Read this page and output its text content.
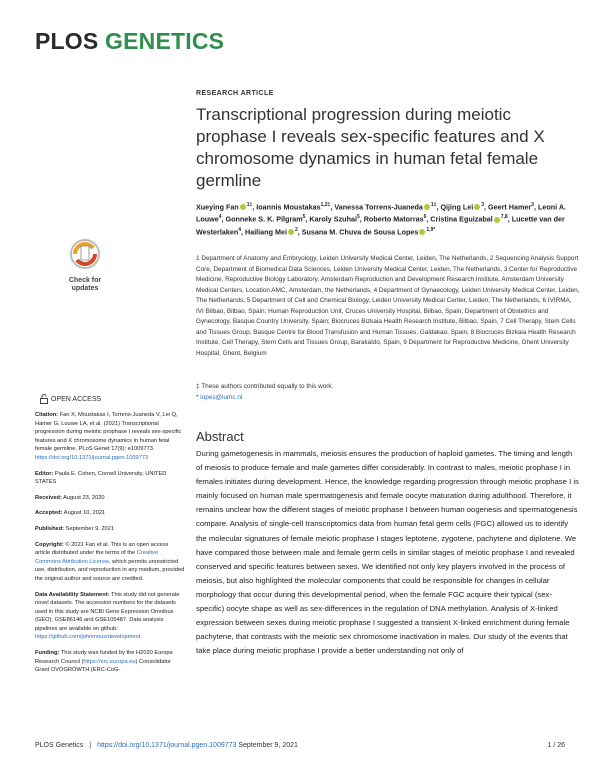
PLOS GENETICS
RESEARCH ARTICLE
Transcriptional progression during meiotic prophase I reveals sex-specific features and X chromosome dynamics in human fetal female germline

Xueying Fan $^{1\ddagger}$, Ioannis Moustakas$^{1,2\ddagger}$, Vanessa Torrens-Juaneda $^{1\ddagger}$, Qijing Lei $^3$, Geert Hamer$^3$, Leoni A. Louwe$^4$, Gonneke S. K. Pilgram$^5$, Karoly Szuhai$^5$, Roberto Matorras$^6$, Cristina Eguizabal $^{7,8}$, Lucette van der Westerlaken$^4$, Hailiang Mei $^2$, Susana M. Chuva de Sousa Lopes $^{1,9*}$

1 Department of Anatomy and Embryology, Leiden University Medical Center, Leiden, The Netherlands, 2 Sequencing Analysis Support Core, Department of Biomedical Data Sciences, Leiden University Medical Center, Leiden, The Netherlands, 3 Center for Reproductive Medicine, Reproductive Biology Laboratory, Amsterdam Reproduction and Development Research Institute, Amsterdam University Medical Centers, Location AMC, Amsterdam, the Netherlands, 4 Department of Gynaecology, Leiden University Medical Center, Leiden, The Netherlands, 5 Department of Cell and Chemical Biology, Leiden University Medical Center, Leiden, The Netherlands, 6 IVIRMA, IVI Bilbao, Bilbao, Spain; Human Reproduction Unit, Cruces University Hospital, Bilbao, Spain; Department of Obstetrics and Gynecology, Basque Country University, Spain; Biocruces Bizkaia Health Research Institute, Bilbao, Spain, 7 Cell Therapy, Stem Cells and Tissues Group, Basque Centre for Blood Transfusion and Human Tissues, Galdakao, Spain, 8 Biocruces Bizkaia Health Research Institute, Cell Therapy, Stem Cells and Tissues Group, Barakaldo, Spain, 9 Department for Reproductive Medicine, Ghent University Hospital, Ghent, Belgium

‡ These authors contributed equally to this work.
* lopes@lumc.nl
Abstract

During gametogenesis in mammals, meiosis ensures the production of haploid gametes. The timing and length of meiosis to produce female and male gametes differ considerably. In contrast to males, meiotic prophase I in females initiates during development. Hence, the knowledge regarding progression through meiotic prophase I is mainly focused on human male spermatogenesis and female oocyte maturation during adulthood. Therefore, it remains unclear how the different stages of meiotic prophase I between human oogenesis and spermatogenesis compare. Analysis of single-cell transcriptomics data from human fetal germ cells (FGC) allowed us to identify the molecular signatures of female meiotic prophase I stages leptotene, zygotene, pachytene and diplotene. We have compared those between male and female germ cells in similar stages of meiotic prophase I and revealed conserved and specific features between sexes. We identified not only key players involved in the process of meiosis, but also highlighted the molecular components that could be responsible for changes in cellular morphology that occur during this developmental period, when the female FGC acquire their typical (sex-specific) oocyte shape as well as sex-differences in the regulation of DNA methylation. Analysis of X-linked expression between sexes during meiotic prophase I suggested a transient X-linked enrichment during female pachytene, that contrasts with the meiotic sex chromosome inactivation in males. Our study of the events that take place during meiotic prophase I provide a better understanding not only of

Check for updates
OPEN ACCESS

Citation: Fan X, Moustakas I, Torrens-Juaneda V, Lei Q, Hamer G, Louwe LA, et al. (2021) Transcriptional progression during meiotic prophase I reveals sex-specific features and X chromosome dynamics in human fetal female germline. PLoS Genet 17(9): e1009773. https://doi.org/10.1371/journal.pgen.1009773

Editor: Paula E. Cohen, Cornell University, UNITED STATES

Received: August 23, 2020

Accepted: August 10, 2021

Published: September 9, 2021

Copyright: © 2021 Fan et al. This is an open access article distributed under the terms of the Creative Commons Attribution License, which permits unrestricted use, distribution, and reproduction in any medium, provided the original author and source are credited.

Data Availability Statement: This study did not generate novel datasets. The accession numbers for the datasets used in this study are NCBI Gene Expression Omnibus (GEO): GSE86146 and GSE105487. Data analysis pipelines are available on github: https://github.com/johnmous/development.

Funding: This study was funded by the H2020 Europe Research Council (https://erc.europa.eu) Consolidator Grant OVOGROWTH (ERC-CoG-

PLOS Genetics | https://doi.org/10.1371/journal.pgen.1009773 September 9, 2021	1 / 26
